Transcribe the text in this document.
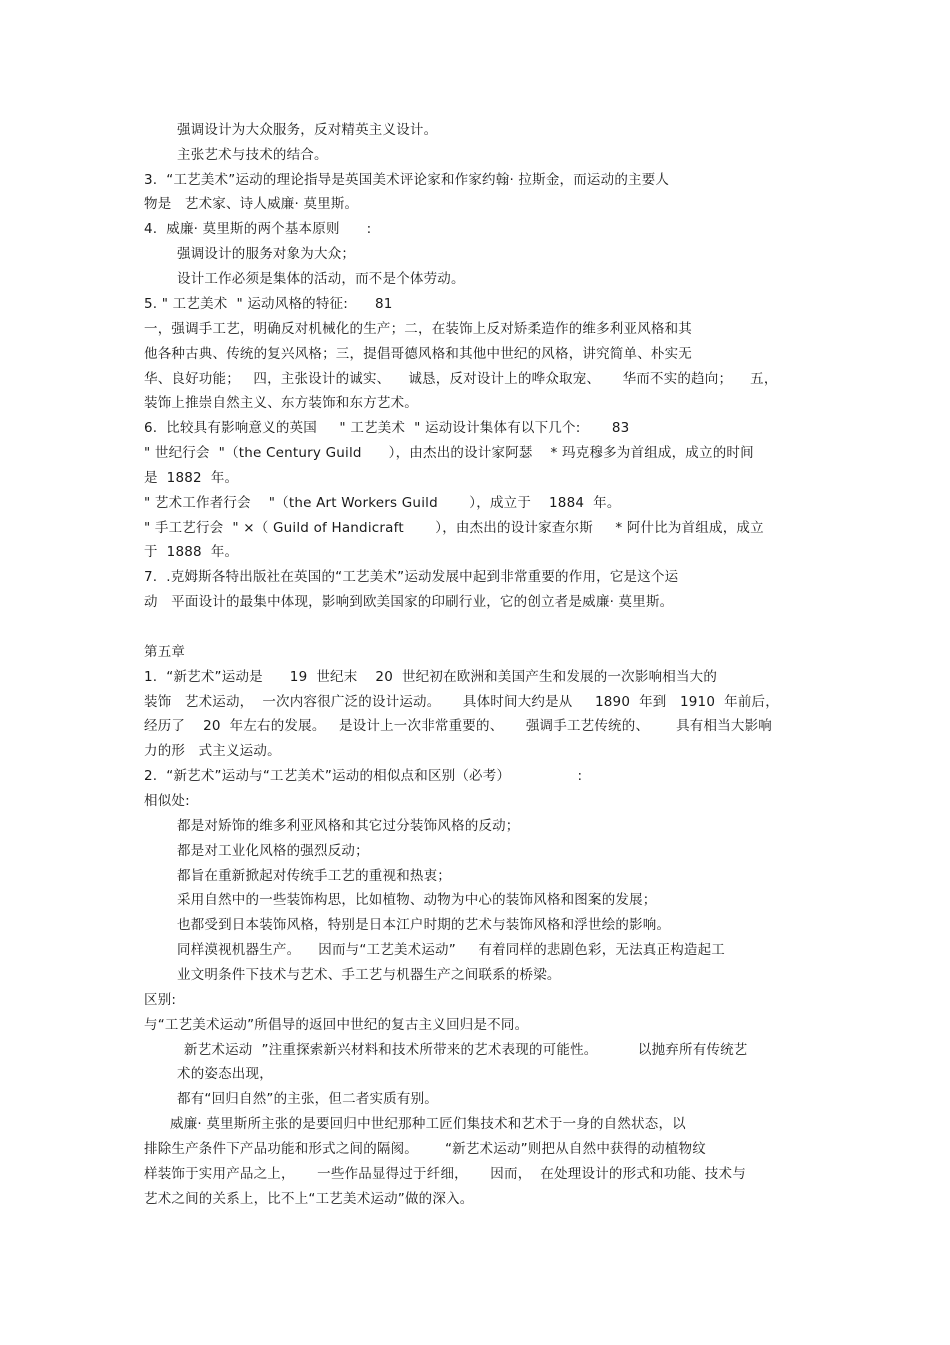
强调设计为大众服务，反对精英主义设计。
主张艺术与技术的结合。
3.  “工艺美术”运动的理论指导是英国美术评论家和作家约翰· 拉斯金，而运动的主要人
物是   艺术家、诗人威廉· 莫里斯。
4.  威廉· 莫里斯的两个基本原则      :
强调设计的服务对象为大众；
设计工作必须是集体的活动，而不是个体劳动。
5. " 工艺美术  " 运动风格的特征:      81
一，强调手工艺，明确反对机械化的生产；二，在装饰上反对矫柔造作的维多利亚风格和其
他各种古典、传统的复兴风格；三，提倡哥德风格和其他中世纪的风格，讲究简单、朴实无
华、良好功能；   四，主张设计的诚实、    诚恳，反对设计上的哗众取宠、     华而不实的趋向；    五，
装饰上推崇自然主义、东方装饰和东方艺术。
6.  比较具有影响意义的英国     " 工艺美术  " 运动设计集体有以下几个:       83
" 世纪行会  "（the Century Guild      ），由杰出的设计家阿瑟    * 玛克穆多为首组成，成立的时间
是  1882  年。
" 艺术工作者行会    "（the Art Workers Guild       ），成立于    1884  年。
" 手工艺行会  " ×（ Guild of Handicraft       ），由杰出的设计家查尔斯     * 阿什比为首组成，成立
于  1888  年。
7.  .克姆斯各特出版社在英国的“工艺美术”运动发展中起到非常重要的作用，它是这个运
动   平面设计的最集中体现，影响到欧美国家的印刷行业，它的创立者是威廉· 莫里斯。
第五章
1.  “新艺术”运动是      19  世纪末    20  世纪初在欧洲和美国产生和发展的一次影响相当大的
装饰   艺术运动，  一次内容很广泛的设计运动。     具体时间大约是从     1890  年到   1910  年前后，
经历了    20  年左右的发展。   是设计上一次非常重要的、     强调手工艺传统的、      具有相当大影响
力的形   式主义运动。
2.  “新艺术”运动与“工艺美术”运动的相似点和区别（必考）               :
相似处:
都是对矫饰的维多利亚风格和其它过分装饰风格的反动；
都是对工业化风格的强烈反动；
都旨在重新掀起对传统手工艺的重视和热衷；
采用自然中的一些装饰构思，比如植物、动物为中心的装饰风格和图案的发展；
也都受到日本装饰风格，特别是日本江户时期的艺术与装饰风格和浮世绘的影响。
同样漠视机器生产。    因而与“工艺美术运动”     有着同样的悲剧色彩，无法真正构造起工
业文明条件下技术与艺术、手工艺与机器生产之间联系的桥梁。
区别:
与“工艺美术运动”所倡导的返回中世纪的复古主义回归是不同。
新艺术运动  ”注重探索新兴材料和技术所带来的艺术表现的可能性。         以抛弃所有传统艺
术的姿态出现，
都有“回归自然”的主张，但二者实质有别。
威廉· 莫里斯所主张的是要回归中世纪那种工匠们集技术和艺术于一身的自然状态，以
排除生产条件下产品功能和形式之间的隔阂。      “新艺术运动”则把从自然中获得的动植物纹
样装饰于实用产品之上，     一些作品显得过于纤细，     因而，  在处理设计的形式和功能、技术与
艺术之间的关系上，比不上“工艺美术运动”做的深入。
